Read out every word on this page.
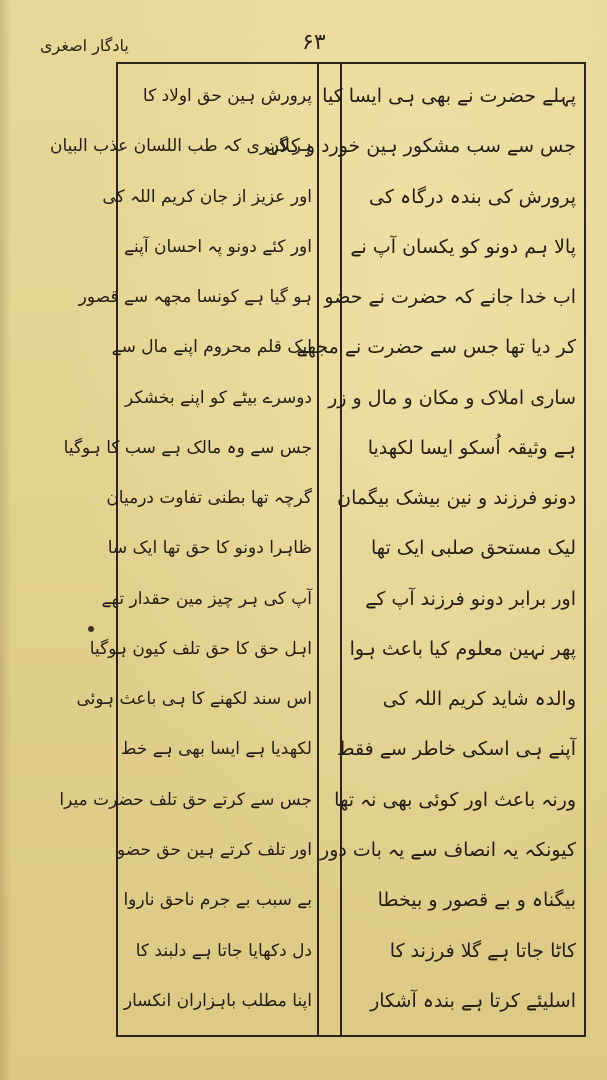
یادگار اصغری	۶۳
پہلے حضرت نے بھی ہی ایسا کیا
جس سے سب مشکور ہین خورد و کلان
پرورش کی بندہ درگاہ کی
پالا ہم دونو کو یکسان آپ نے
اب خدا جانے کہ حضرت نے حضو
کر دیا تھا جس سے حضرت نے مجھے
ساری املاک و مکان و مال و زر
ہے وثیقہ اُسکو ایسا لکھدیا
دونو فرزند و نین بیشک بیگمان
لیک مستحق صلبی ایک تھا
اور برابر دونو فرزند آپ کے
پھر نہین معلوم کیا باعث ہوا
والدہ شاید کریم اللہ کی
آپنے ہی اسکی خاطر سے فقط
ورنہ باعث اور کوئی بھی نہ تھا
کیونکہ یہ انصاف سے یہ بات دور
بیگناہ و بے قصور و بیخطا
کاٹا جاتا ہے گلا فرزند کا
اسلیئے کرتا ہے بندہ آشکار
پرورش ہین حق اولاد کا
ہر گہری کہ طب اللسان عذب البیان
اور عزیز از جان کریم اللہ کی
اور کئے دونو پہ احسان آپنے
ہو گیا ہے کونسا مجھہ سے قصور
ایک قلم محروم اپنے مال سے
دوسرے بیٹے کو اپنے بخشکر
جس سے وہ مالک ہے سب کا ہوگیا
گرچہ تھا بطنی تفاوت درمیان
ظاہرا دونو کا حق تھا ایک سا
آپ کی ہر چیز مین حقدار تھے
اہل حق کا حق تلف کیون ہوگیا
اس سند لکھنے کا ہی باعث ہوئی
لکھدیا ہے ایسا بھی ہے خط
جس سے کرتے حق تلف حضرت میرا
اور تلف کرتے ہین حق حضو
بے سبب بے جرم ناحق ناروا
دل دکھایا جاتا ہے دلبند کا
اپنا مطلب باہزاران انکسار
